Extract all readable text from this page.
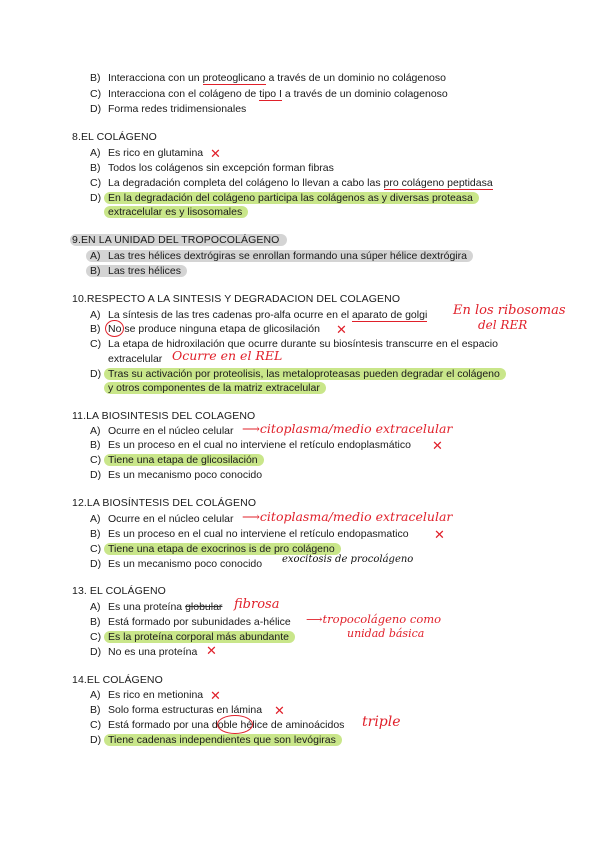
B) Interacciona con un proteoglicano a través de un dominio no colágenoso
C) Interacciona con el colágeno de tipo I a través de un dominio colagenoso
D) Forma redes tridimensionales
8.EL COLÁGENO
A) Es rico en glutamina ✕
B) Todos los colágenos sin excepción forman fibras
C) La degradación completa del colágeno lo llevan a cabo las pro colágeno peptidasa
D) En la degradación del colágeno participa las colágenos as y diversas proteasa
extracelular es y lisosomales
9.EN LA UNIDAD DEL TROPOCOLÁGENO
A) Las tres hélices dextrógiras se enrollan formando una súper hélice dextrógira
B) Las tres hélices
10.RESPECTO A LA SINTESIS Y DEGRADACION DEL COLAGENO
A) La síntesis de las tres cadenas pro-alfa ocurre en el aparato de golgi En los ribosomas
del RER
B) No se produce ninguna etapa de glicosilación ✕
C) La etapa de hidroxilación que ocurre durante su biosíntesis transcurre en el espacio
extracelular Ocurre en el REL
D) Tras su activación por proteolisis, las metaloproteasas pueden degradar el colágeno
y otros componentes de la matriz extracelular
11.LA BIOSINTESIS DEL COLAGENO
A) Ocurre en el núcleo celular ⟶citoplasma/medio extracelular
B) Es un proceso en el cual no interviene el retículo endoplasmático ✕
C) Tiene una etapa de glicosilación
D) Es un mecanismo poco conocido
12.LA BIOSÍNTESIS DEL COLÁGENO
A) Ocurre en el núcleo celular ⟶citoplasma/medio extracelular
B) Es un proceso en el cual no interviene el retículo endopasmatico ✕
C) Tiene una etapa de exocrinos is de pro colágeno
D) Es un mecanismo poco conocido exocitosis de procolágeno
13. EL COLÁGENO
A) Es una proteína globular fibrosa
B) Está formado por subunidades a-hélice ⟶tropocolágeno como
unidad básica
C) Es la proteína corporal más abundante
D) No es una proteína ✕
14.EL COLÁGENO
A) Es rico en metionina ✕
B) Solo forma estructuras en lámina ✕
C) Está formado por una doble hélice de aminoácidos triple
D) Tiene cadenas independientes que son levógiras
